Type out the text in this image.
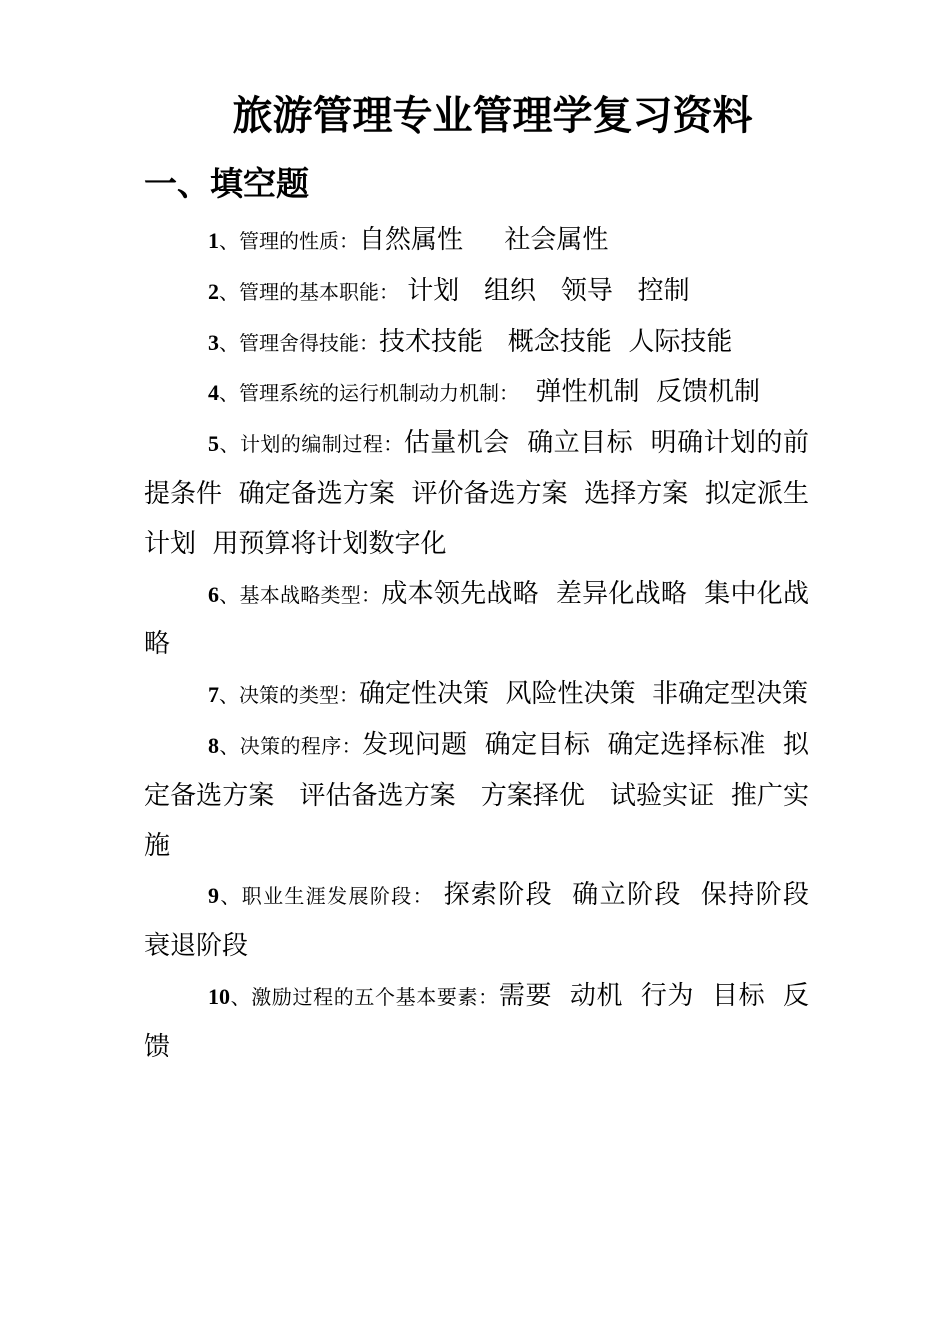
旅游管理专业管理学复习资料
一、填空题
1、管理的性质：自然属性     社会属性
2、管理的基本职能： 计划   组织   领导   控制
3、管理舍得技能：技术技能   概念技能  人际技能
4、管理系统的运行机制动力机制：  弹性机制  反馈机制
5、计划的编制过程：估量机会  确立目标  明确计划的前提条件  确定备选方案  评价备选方案  选择方案  拟定派生计划  用预算将计划数字化
6、基本战略类型：成本领先战略  差异化战略  集中化战略
7、决策的类型：确定性决策  风险性决策  非确定型决策
8、决策的程序：发现问题  确定目标  确定选择标准  拟定备选方案   评估备选方案   方案择优   试验实证  推广实施
9、职业生涯发展阶段： 探索阶段  确立阶段  保持阶段  衰退阶段
10、激励过程的五个基本要素：需要  动机  行为  目标  反馈
